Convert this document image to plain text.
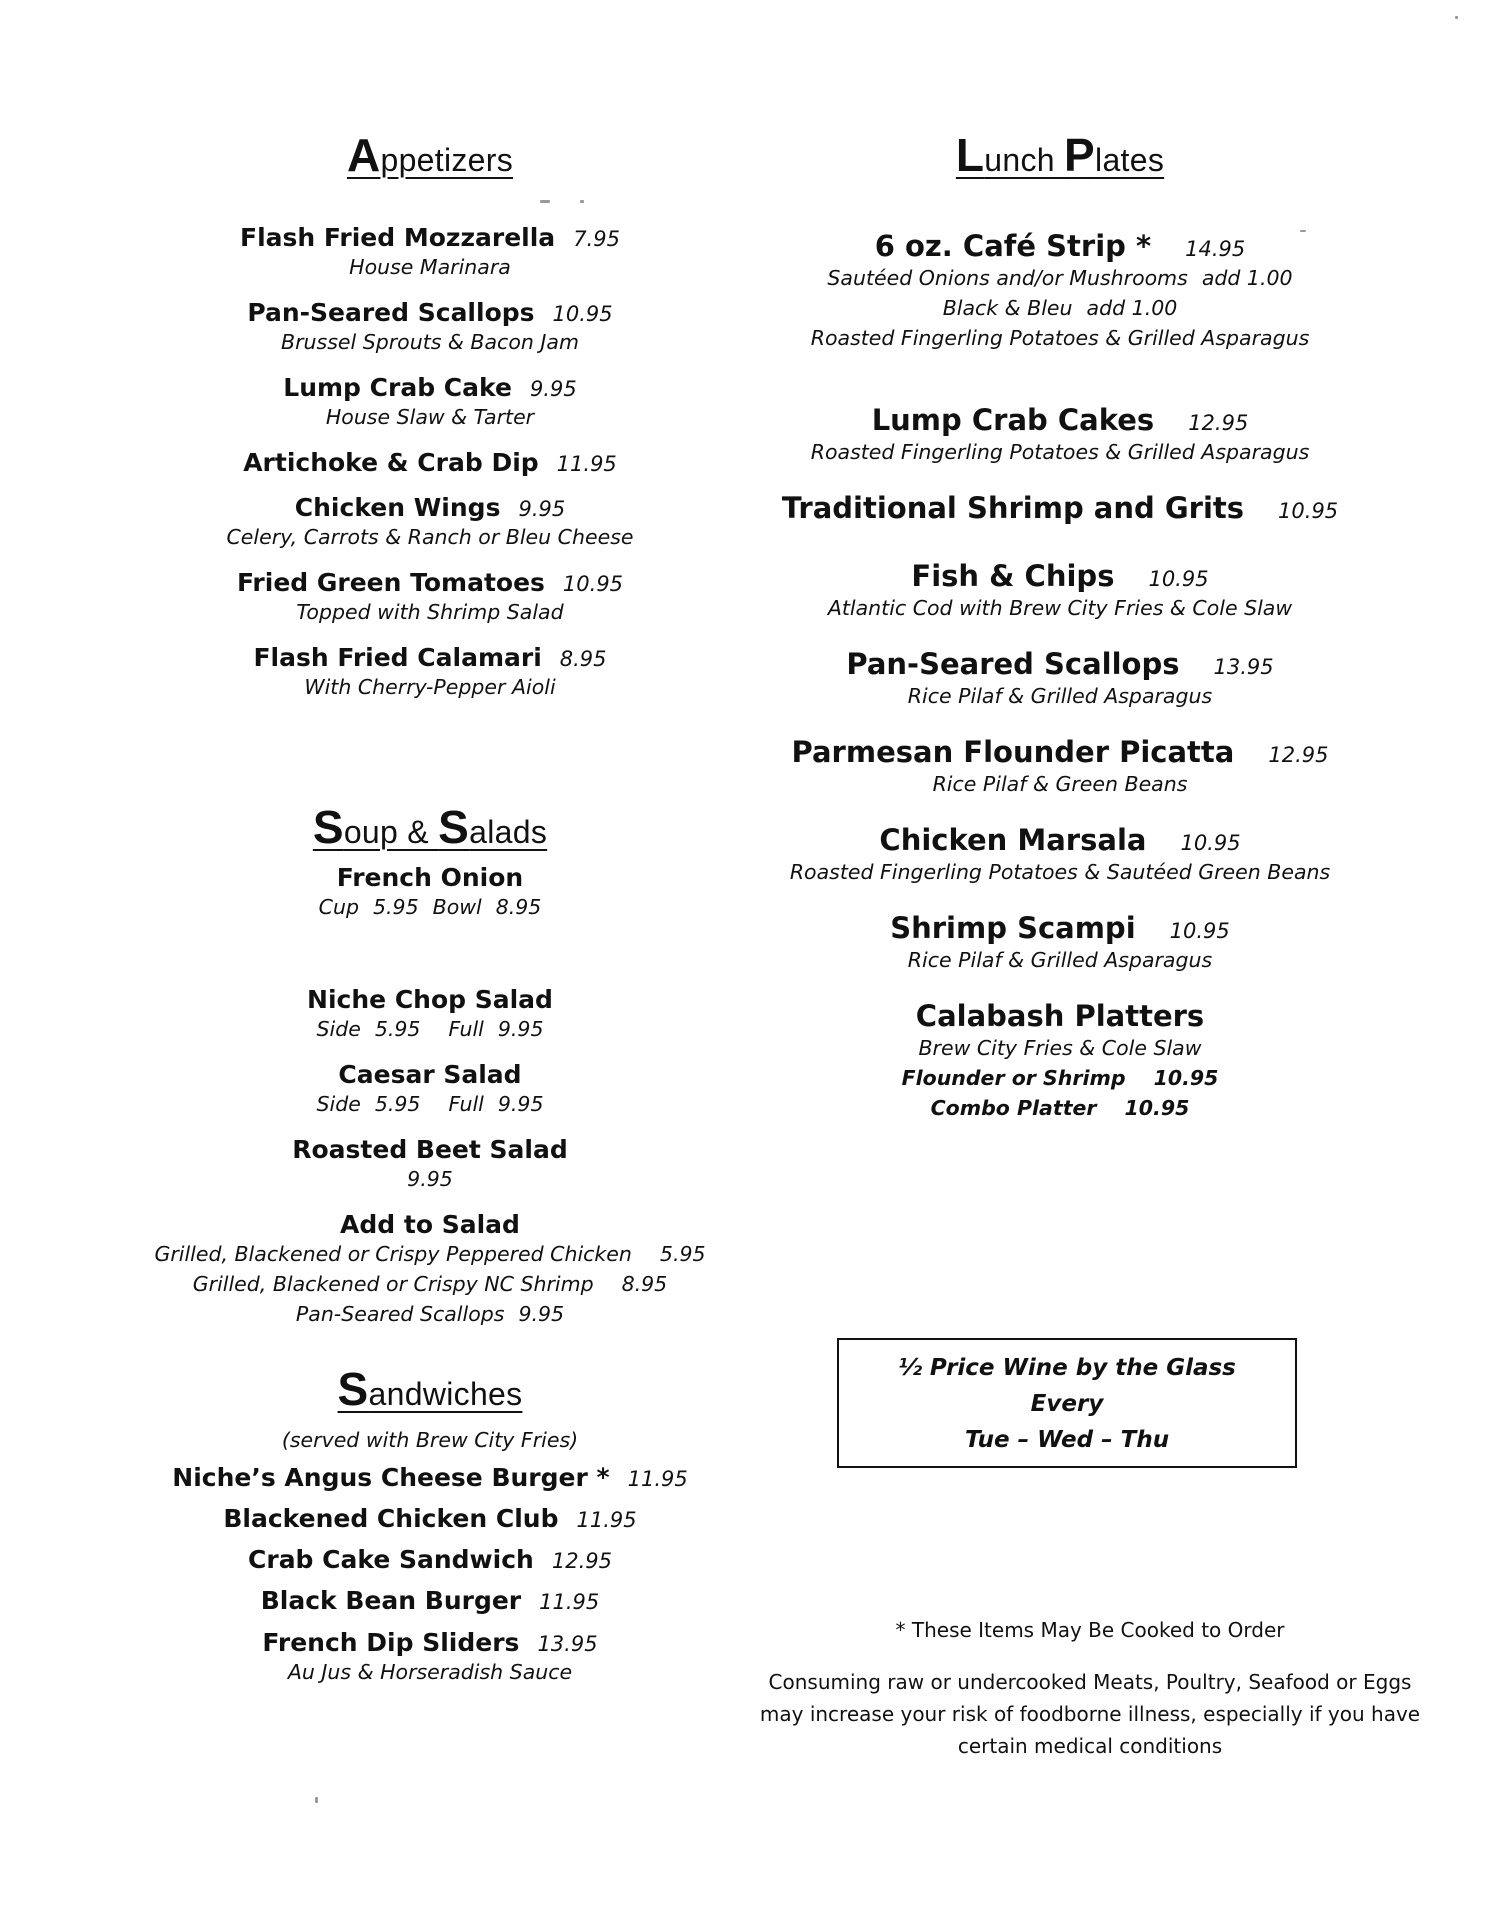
Appetizers
Flash Fried Mozzarella 7.95
House Marinara
Pan-Seared Scallops 10.95
Brussel Sprouts & Bacon Jam
Lump Crab Cake 9.95
House Slaw & Tarter
Artichoke & Crab Dip 11.95
Chicken Wings 9.95
Celery, Carrots & Ranch or Bleu Cheese
Fried Green Tomatoes 10.95
Topped with Shrimp Salad
Flash Fried Calamari 8.95
With Cherry-Pepper Aioli
Soup & Salads
French Onion
Cup 5.95 Bowl 8.95
Niche Chop Salad
Side 5.95 Full 9.95
Caesar Salad
Side 5.95 Full 9.95
Roasted Beet Salad
9.95
Add to Salad
Grilled, Blackened or Crispy Peppered Chicken 5.95
Grilled, Blackened or Crispy NC Shrimp 8.95
Pan-Seared Scallops 9.95
Sandwiches
(served with Brew City Fries)
Niche’s Angus Cheese Burger * 11.95
Blackened Chicken Club 11.95
Crab Cake Sandwich 12.95
Black Bean Burger 11.95
French Dip Sliders 13.95
Au Jus & Horseradish Sauce
Lunch Plates
6 oz. Café Strip * 14.95
Sautéed Onions and/or Mushrooms add 1.00
Black & Bleu add 1.00
Roasted Fingerling Potatoes & Grilled Asparagus
Lump Crab Cakes 12.95
Roasted Fingerling Potatoes & Grilled Asparagus
Traditional Shrimp and Grits 10.95
Fish & Chips 10.95
Atlantic Cod with Brew City Fries & Cole Slaw
Pan-Seared Scallops 13.95
Rice Pilaf & Grilled Asparagus
Parmesan Flounder Picatta 12.95
Rice Pilaf & Green Beans
Chicken Marsala 10.95
Roasted Fingerling Potatoes & Sautéed Green Beans
Shrimp Scampi 10.95
Rice Pilaf & Grilled Asparagus
Calabash Platters
Brew City Fries & Cole Slaw
Flounder or Shrimp 10.95
Combo Platter 10.95
½ Price Wine by the Glass
Every
Tue – Wed – Thu
* These Items May Be Cooked to Order
Consuming raw or undercooked Meats, Poultry, Seafood or Eggs
may increase your risk of foodborne illness, especially if you have
certain medical conditions
